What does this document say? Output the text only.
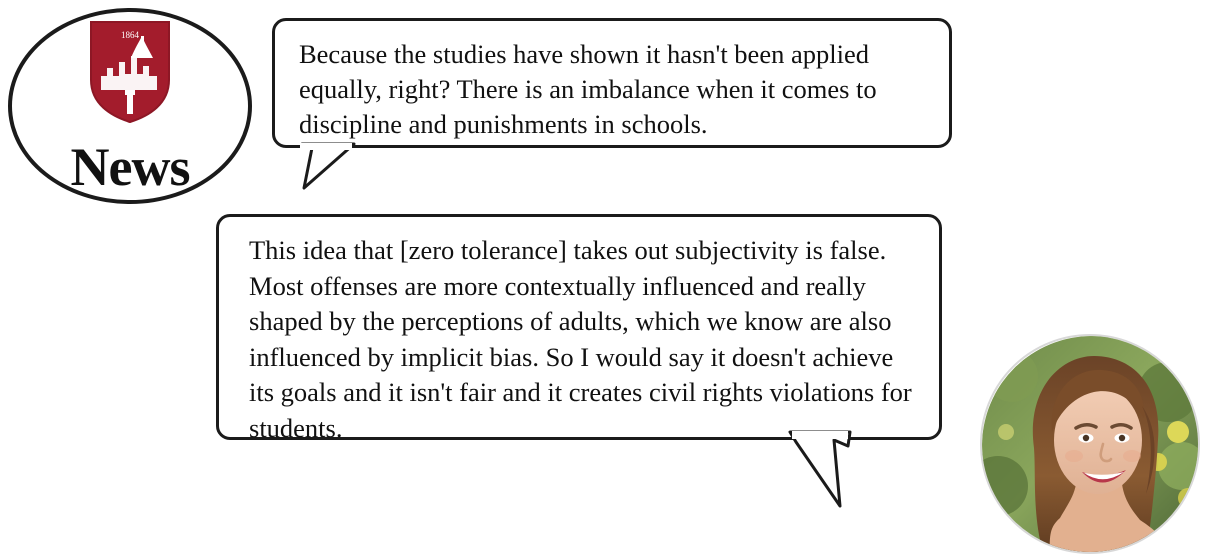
1864
News

Because the studies have shown it hasn't been applied equally, right? There is an imbalance when it comes to discipline and punishments in schools.

This idea that [zero tolerance] takes out subjectivity is false. Most offenses are more contextually influenced and really shaped by the perceptions of adults, which we know are also influenced by implicit bias. So I would say it doesn't achieve its goals and it isn't fair and it creates civil rights violations for students.
